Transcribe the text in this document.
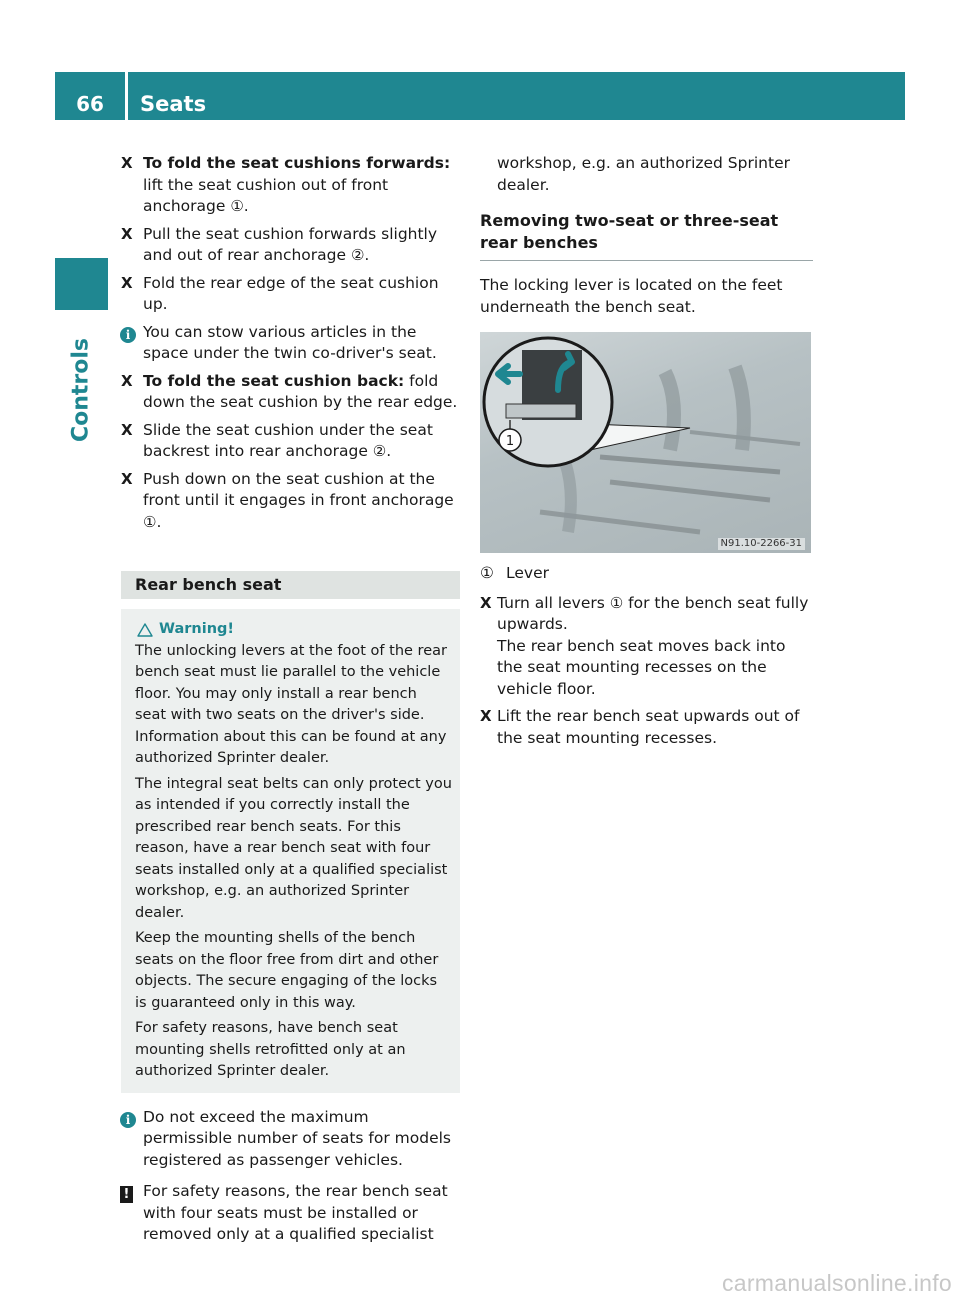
66	Seats
Controls
X To fold the seat cushions forwards: lift the seat cushion out of front anchorage ①.
X Pull the seat cushion forwards slightly and out of rear anchorage ②.
X Fold the rear edge of the seat cushion up.
i You can stow various articles in the space under the twin co-driver's seat.
X To fold the seat cushion back: fold down the seat cushion by the rear edge.
X Slide the seat cushion under the seat backrest into rear anchorage ②.
X Push down on the seat cushion at the front until it engages in front anchorage ①.
Rear bench seat
Warning!

The unlocking levers at the foot of the rear bench seat must lie parallel to the vehicle floor. You may only install a rear bench seat with two seats on the driver's side. Information about this can be found at any authorized Sprinter dealer.

The integral seat belts can only protect you as intended if you correctly install the prescribed rear bench seats. For this reason, have a rear bench seat with four seats installed only at a qualified specialist workshop, e.g. an authorized Sprinter dealer.

Keep the mounting shells of the bench seats on the floor free from dirt and other objects. The secure engaging of the locks is guaranteed only in this way.

For safety reasons, have bench seat mounting shells retrofitted only at an authorized Sprinter dealer.

i Do not exceed the maximum permissible number of seats for models registered as passenger vehicles.
! For safety reasons, the rear bench seat with four seats must be installed or removed only at a qualified specialist
workshop, e.g. an authorized Sprinter dealer.
Removing two-seat or three-seat rear benches
The locking lever is located on the feet underneath the bench seat.
1
N91.10-2266-31
① Lever
X Turn all levers ① for the bench seat fully upwards.
The rear bench seat moves back into the seat mounting recesses on the vehicle floor.
X Lift the rear bench seat upwards out of the seat mounting recesses.
carmanualsonline.info
